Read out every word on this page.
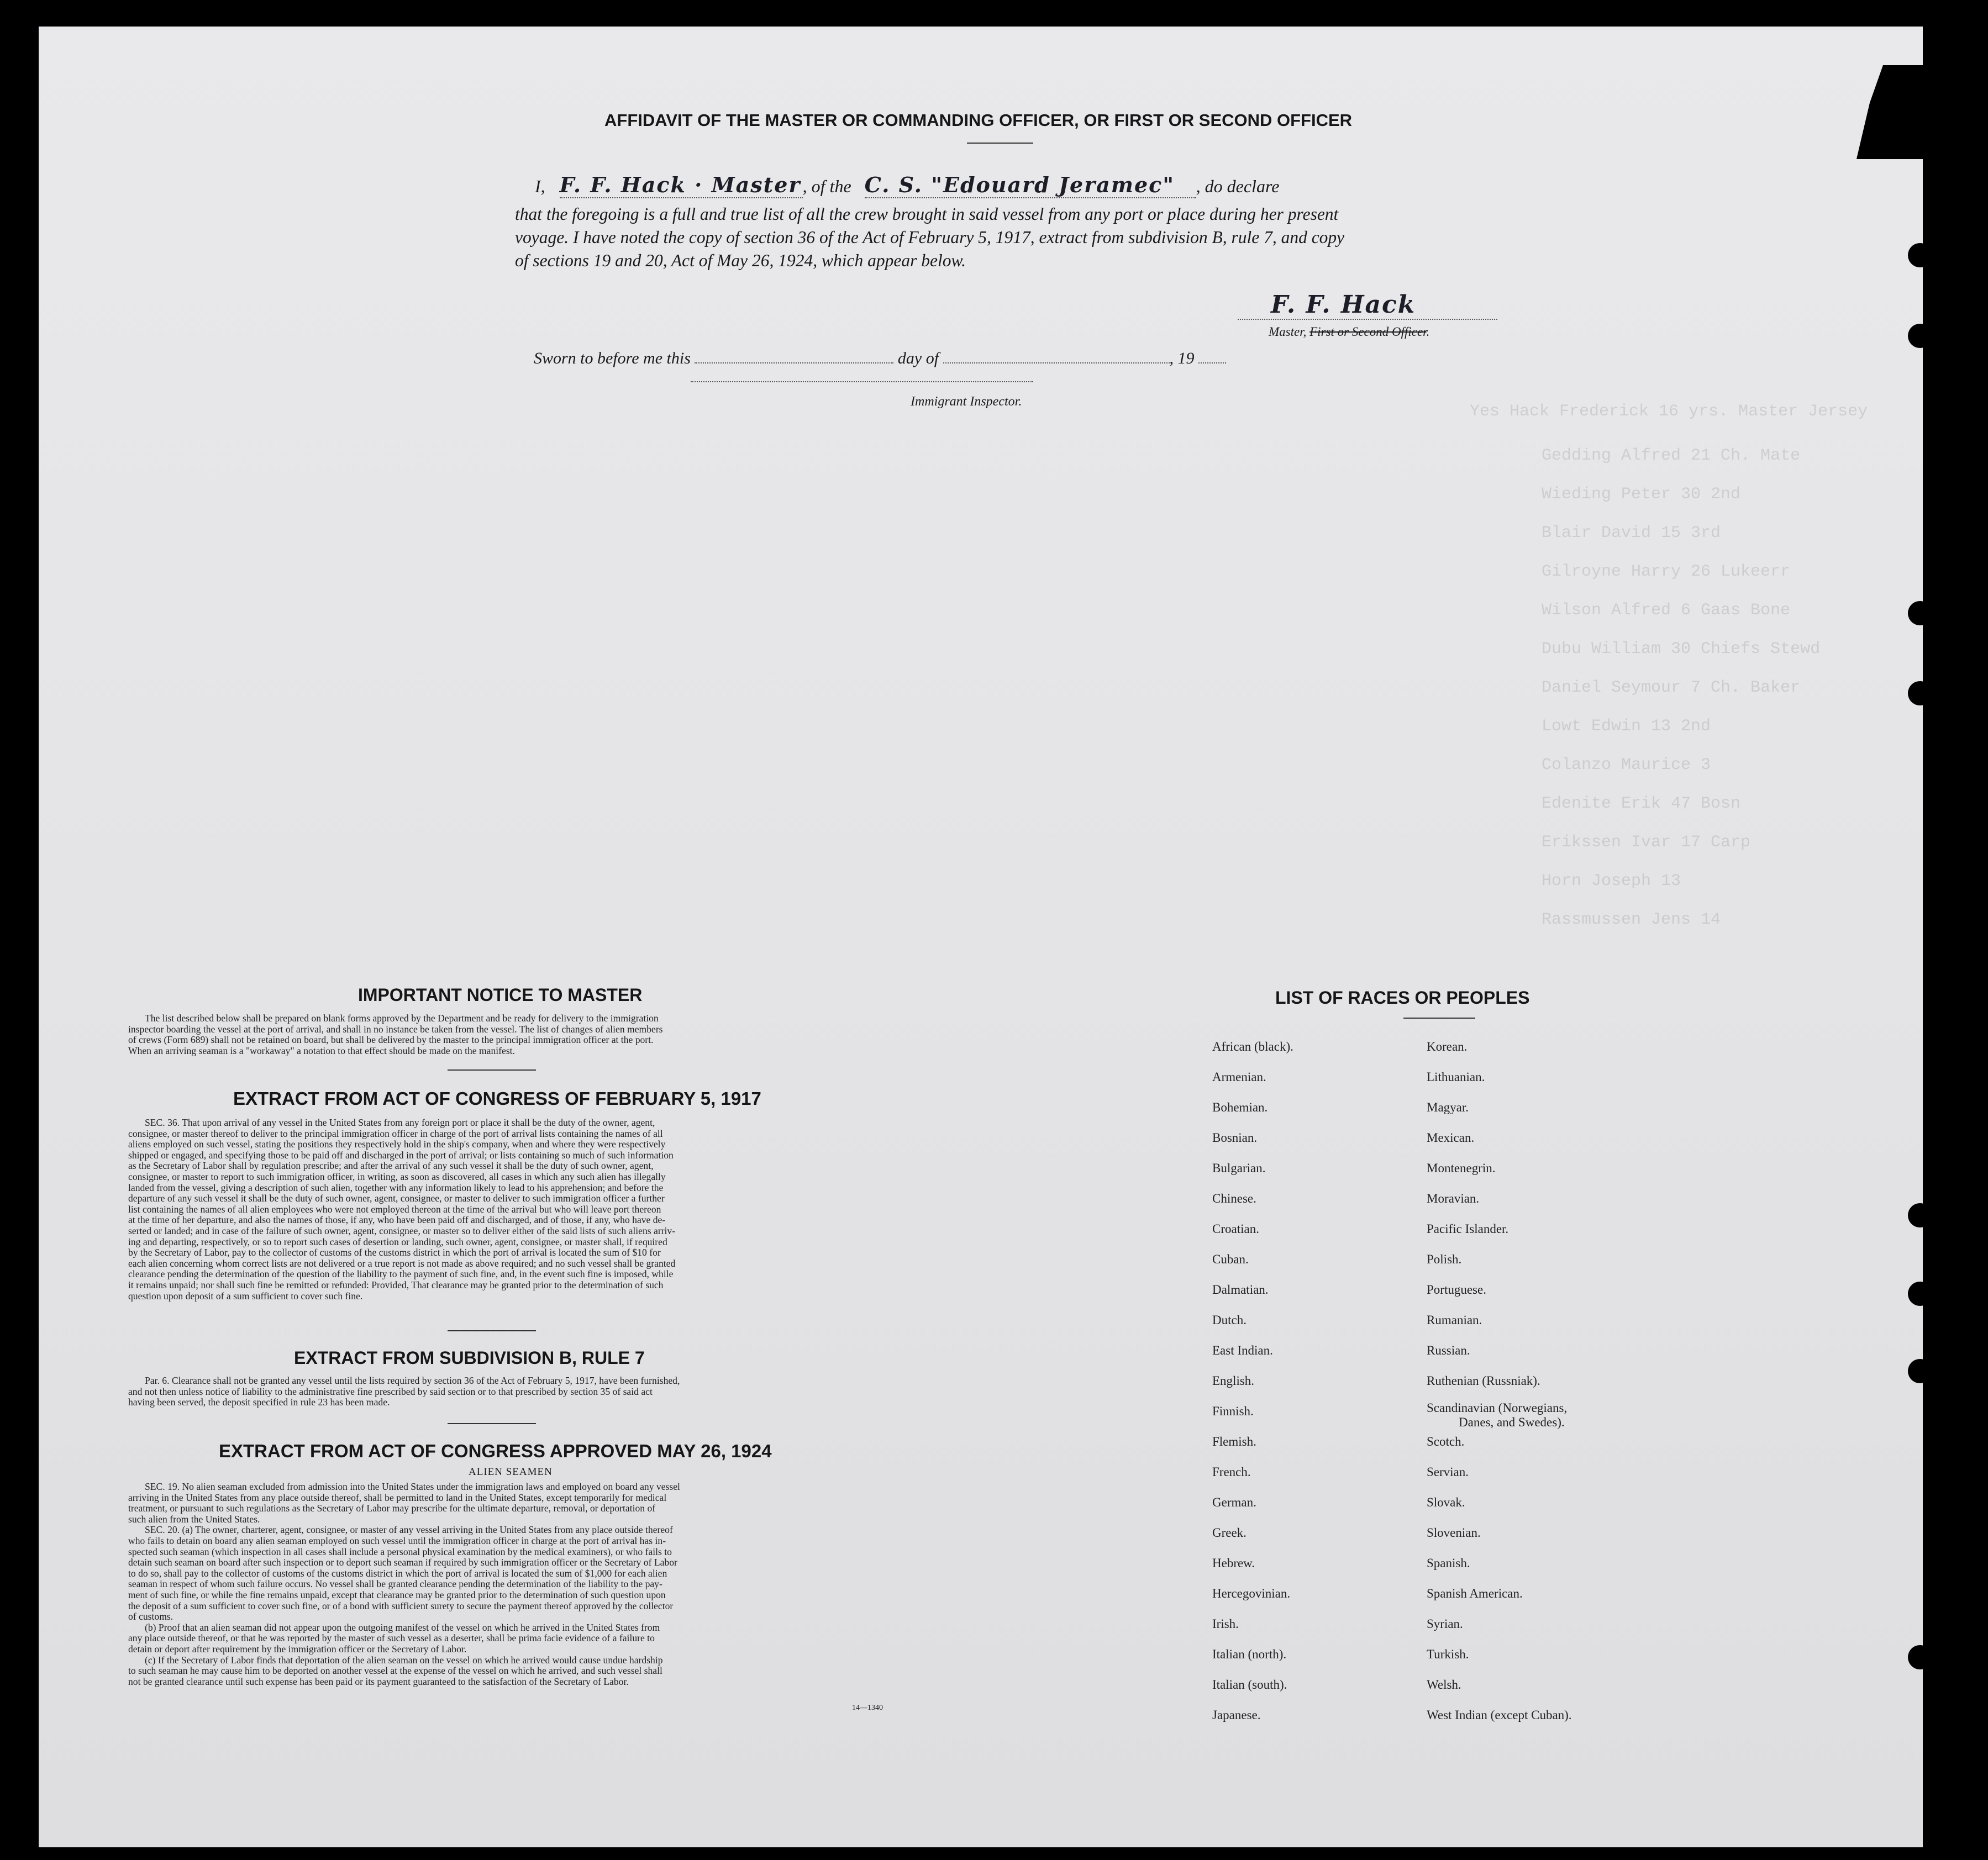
Yes Hack Frederick 16 yrs. Master Jersey
Gedding Alfred 21 Ch. Mate
Wieding Peter 30 2nd
Blair David 15 3rd
Gilroyne Harry 26 Lukeerr
Wilson Alfred 6 Gaas Bone
Dubu William 30 Chiefs Stewd
Daniel Seymour 7 Ch. Baker
Lowt Edwin 13 2nd
Colanzo Maurice 3
Edenite Erik 47 Bosn
Erikssen Ivar 17 Carp
Horn Joseph 13
Rassmussen Jens 14
AFFIDAVIT OF THE MASTER OR COMMANDING OFFICER, OR FIRST OR SECOND OFFICER
I, F. F. Hack · Master , of the C. S. "Edouard Jeramec" , do declare
that the foregoing is a full and true list of all the crew brought in said vessel from any port or place during her present
voyage. I have noted the copy of section 36 of the Act of February 5, 1917, extract from subdivision B, rule 7, and copy
of sections 19 and 20, Act of May 26, 1924, which appear below.
F. F. Hack
Master, First or Second Officer.
Sworn to before me this	day of	, 19
Immigrant Inspector.
IMPORTANT NOTICE TO MASTER
The list described below shall be prepared on blank forms approved by the Department and be ready for delivery to the immigration
inspector boarding the vessel at the port of arrival, and shall in no instance be taken from the vessel. The list of changes of alien members
of crews (Form 689) shall not be retained on board, but shall be delivered by the master to the principal immigration officer at the port.
When an arriving seaman is a "workaway" a notation to that effect should be made on the manifest.
EXTRACT FROM ACT OF CONGRESS OF FEBRUARY 5, 1917
SEC. 36. That upon arrival of any vessel in the United States from any foreign port or place it shall be the duty of the owner, agent,
consignee, or master thereof to deliver to the principal immigration officer in charge of the port of arrival lists containing the names of all
aliens employed on such vessel, stating the positions they respectively hold in the ship's company, when and where they were respectively
shipped or engaged, and specifying those to be paid off and discharged in the port of arrival; or lists containing so much of such information
as the Secretary of Labor shall by regulation prescribe; and after the arrival of any such vessel it shall be the duty of such owner, agent,
consignee, or master to report to such immigration officer, in writing, as soon as discovered, all cases in which any such alien has illegally
landed from the vessel, giving a description of such alien, together with any information likely to lead to his apprehension; and before the
departure of any such vessel it shall be the duty of such owner, agent, consignee, or master to deliver to such immigration officer a further
list containing the names of all alien employees who were not employed thereon at the time of the arrival but who will leave port thereon
at the time of her departure, and also the names of those, if any, who have been paid off and discharged, and of those, if any, who have de-
serted or landed; and in case of the failure of such owner, agent, consignee, or master so to deliver either of the said lists of such aliens arriv-
ing and departing, respectively, or so to report such cases of desertion or landing, such owner, agent, consignee, or master shall, if required
by the Secretary of Labor, pay to the collector of customs of the customs district in which the port of arrival is located the sum of $10 for
each alien concerning whom correct lists are not delivered or a true report is not made as above required; and no such vessel shall be granted
clearance pending the determination of the question of the liability to the payment of such fine, and, in the event such fine is imposed, while
it remains unpaid; nor shall such fine be remitted or refunded: Provided, That clearance may be granted prior to the determination of such
question upon deposit of a sum sufficient to cover such fine.
EXTRACT FROM SUBDIVISION B, RULE 7
Par. 6. Clearance shall not be granted any vessel until the lists required by section 36 of the Act of February 5, 1917, have been furnished,
and not then unless notice of liability to the administrative fine prescribed by said section or to that prescribed by section 35 of said act
having been served, the deposit specified in rule 23 has been made.
EXTRACT FROM ACT OF CONGRESS APPROVED MAY 26, 1924
ALIEN SEAMEN
SEC. 19. No alien seaman excluded from admission into the United States under the immigration laws and employed on board any vessel
arriving in the United States from any place outside thereof, shall be permitted to land in the United States, except temporarily for medical
treatment, or pursuant to such regulations as the Secretary of Labor may prescribe for the ultimate departure, removal, or deportation of
such alien from the United States.
SEC. 20. (a) The owner, charterer, agent, consignee, or master of any vessel arriving in the United States from any place outside thereof
who fails to detain on board any alien seaman employed on such vessel until the immigration officer in charge at the port of arrival has in-
spected such seaman (which inspection in all cases shall include a personal physical examination by the medical examiners), or who fails to
detain such seaman on board after such inspection or to deport such seaman if required by such immigration officer or the Secretary of Labor
to do so, shall pay to the collector of customs of the customs district in which the port of arrival is located the sum of $1,000 for each alien
seaman in respect of whom such failure occurs. No vessel shall be granted clearance pending the determination of the liability to the pay-
ment of such fine, or while the fine remains unpaid, except that clearance may be granted prior to the determination of such question upon
the deposit of a sum sufficient to cover such fine, or of a bond with sufficient surety to secure the payment thereof approved by the collector
of customs.
(b) Proof that an alien seaman did not appear upon the outgoing manifest of the vessel on which he arrived in the United States from
any place outside thereof, or that he was reported by the master of such vessel as a deserter, shall be prima facie evidence of a failure to
detain or deport after requirement by the immigration officer or the Secretary of Labor.
(c) If the Secretary of Labor finds that deportation of the alien seaman on the vessel on which he arrived would cause undue hardship
to such seaman he may cause him to be deported on another vessel at the expense of the vessel on which he arrived, and such vessel shall
not be granted clearance until such expense has been paid or its payment guaranteed to the satisfaction of the Secretary of Labor.
14—1340
LIST OF RACES OR PEOPLES
African (black).
Armenian.
Bohemian.
Bosnian.
Bulgarian.
Chinese.
Croatian.
Cuban.
Dalmatian.
Dutch.
East Indian.
English.
Finnish.
Flemish.
French.
German.
Greek.
Hebrew.
Hercegovinian.
Irish.
Italian (north).
Italian (south).
Japanese.
Korean.
Lithuanian.
Magyar.
Mexican.
Montenegrin.
Moravian.
Pacific Islander.
Polish.
Portuguese.
Rumanian.
Russian.
Ruthenian (Russniak).
Scandinavian (Norwegians,
Danes, and Swedes).
Scotch.
Servian.
Slovak.
Slovenian.
Spanish.
Spanish American.
Syrian.
Turkish.
Welsh.
West Indian (except Cuban).
